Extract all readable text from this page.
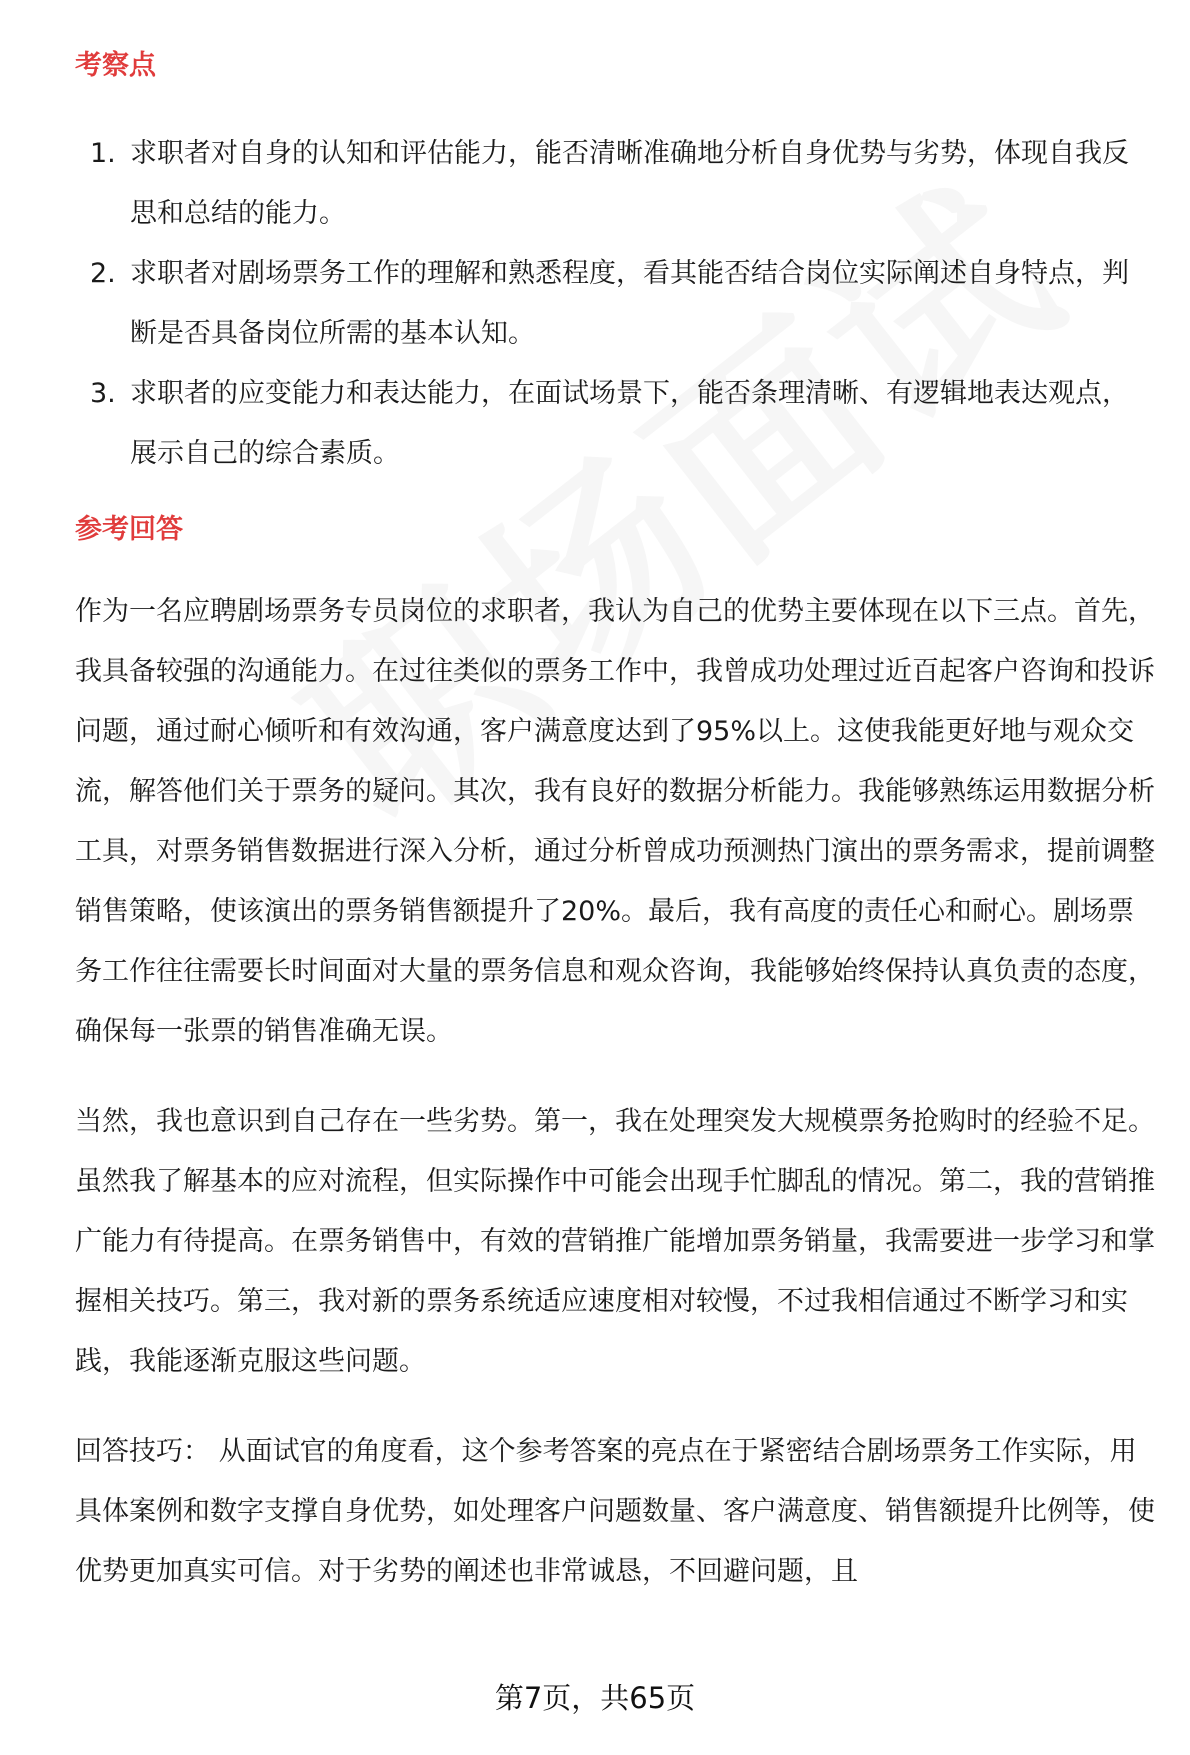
考察点
1. 求职者对自身的认知和评估能力，能否清晰准确地分析自身优势与劣势，体现自我反思和总结的能力。
2. 求职者对剧场票务工作的理解和熟悉程度，看其能否结合岗位实际阐述自身特点，判断是否具备岗位所需的基本认知。
3. 求职者的应变能力和表达能力，在面试场景下，能否条理清晰、有逻辑地表达观点，展示自己的综合素质。
参考回答

作为一名应聘剧场票务专员岗位的求职者，我认为自己的优势主要体现在以下三点。首先，我具备较强的沟通能力。在过往类似的票务工作中，我曾成功处理过近百起客户咨询和投诉问题，通过耐心倾听和有效沟通，客户满意度达到了95%以上。这使我能更好地与观众交流，解答他们关于票务的疑问。其次，我有良好的数据分析能力。我能够熟练运用数据分析工具，对票务销售数据进行深入分析，通过分析曾成功预测热门演出的票务需求，提前调整销售策略，使该演出的票务销售额提升了20%。最后，我有高度的责任心和耐心。剧场票务工作往往需要长时间面对大量的票务信息和观众咨询，我能够始终保持认真负责的态度，确保每一张票的销售准确无误。

当然，我也意识到自己存在一些劣势。第一，我在处理突发大规模票务抢购时的经验不足。虽然我了解基本的应对流程，但实际操作中可能会出现手忙脚乱的情况。第二，我的营销推广能力有待提高。在票务销售中，有效的营销推广能增加票务销量，我需要进一步学习和掌握相关技巧。第三，我对新的票务系统适应速度相对较慢，不过我相信通过不断学习和实践，我能逐渐克服这些问题。

回答技巧： 从面试官的角度看，这个参考答案的亮点在于紧密结合剧场票务工作实际，用具体案例和数字支撑自身优势，如处理客户问题数量、客户满意度、销售额提升比例等，使优势更加真实可信。对于劣势的阐述也非常诚恳，不回避问题，且

第7页，共65页
